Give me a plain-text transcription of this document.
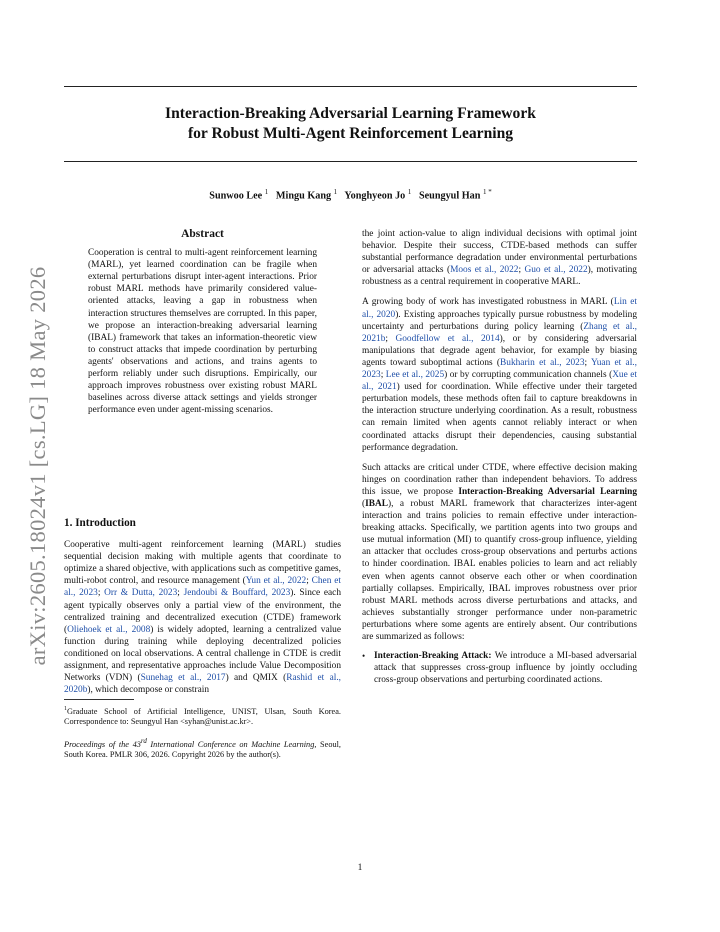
arXiv:2605.18024v1 [cs.LG] 18 May 2026
Interaction-Breaking Adversarial Learning Framework
for Robust Multi-Agent Reinforcement Learning
Sunwoo Lee $^1$ Mingu Kang $^1$ Yonghyeon Jo $^1$ Seungyul Han $^{1 *}$
Abstract

Cooperation is central to multi-agent reinforcement learning (MARL), yet learned coordination can be fragile when external perturbations disrupt inter-agent interactions. Prior robust MARL methods have primarily considered value-oriented attacks, leaving a gap in robustness when interaction structures themselves are corrupted. In this paper, we propose an interaction-breaking adversarial learning (IBAL) framework that takes an information-theoretic view to construct attacks that impede coordination by perturbing agents' observations and actions, and trains agents to perform reliably under such disruptions. Empirically, our approach improves robustness over existing robust MARL baselines across diverse attack settings and yields stronger performance even under agent-missing scenarios.

1. Introduction

Cooperative multi-agent reinforcement learning (MARL) studies sequential decision making with multiple agents that coordinate to optimize a shared objective, with applications such as competitive games, multi-robot control, and resource management (Yun et al., 2022; Chen et al., 2023; Orr & Dutta, 2023; Jendoubi & Bouffard, 2023). Since each agent typically observes only a partial view of the environment, the centralized training and decentralized execution (CTDE) framework (Oliehoek et al., 2008) is widely adopted, learning a centralized value function during training while deploying decentralized policies conditioned on local observations. A central challenge in CTDE is credit assignment, and representative approaches include Value Decomposition Networks (VDN) (Sunehag et al., 2017) and QMIX (Rashid et al., 2020b), which decompose or constrain

$^1$Graduate School of Artificial Intelligence, UNIST, Ulsan, South Korea. Correspondence to: Seungyul Han <syhan@unist.ac.kr>.
Proceedings of the 43rd International Conference on Machine Learning, Seoul, South Korea. PMLR 306, 2026. Copyright 2026 by the author(s).

the joint action-value to align individual decisions with optimal joint behavior. Despite their success, CTDE-based methods can suffer substantial performance degradation under environmental perturbations or adversarial attacks (Moos et al., 2022; Guo et al., 2022), motivating robustness as a central requirement in cooperative MARL.

A growing body of work has investigated robustness in MARL (Lin et al., 2020). Existing approaches typically pursue robustness by modeling uncertainty and perturbations during policy learning (Zhang et al., 2021b; Goodfellow et al., 2014), or by considering adversarial manipulations that degrade agent behavior, for example by biasing agents toward suboptimal actions (Bukharin et al., 2023; Yuan et al., 2023; Lee et al., 2025) or by corrupting communication channels (Xue et al., 2021) used for coordination. While effective under their targeted perturbation models, these methods often fail to capture breakdowns in the interaction structure underlying coordination. As a result, robustness can remain limited when agents cannot reliably interact or when coordinated attacks disrupt their dependencies, causing substantial performance degradation.

Such attacks are critical under CTDE, where effective decision making hinges on coordination rather than independent behaviors. To address this issue, we propose Interaction-Breaking Adversarial Learning (IBAL), a robust MARL framework that characterizes inter-agent interaction and trains policies to remain effective under interaction-breaking attacks. Specifically, we partition agents into two groups and use mutual information (MI) to quantify cross-group influence, yielding an attacker that occludes cross-group observations and perturbs actions to hinder coordination. IBAL enables policies to learn and act reliably even when agents cannot observe each other or when coordination partially collapses. Empirically, IBAL improves robustness over prior robust MARL methods across diverse perturbations and attacks, and achieves substantially stronger performance under non-parametric perturbations where some agents are entirely absent. Our contributions are summarized as follows:

• Interaction-Breaking Attack: We introduce a MI-based adversarial attack that suppresses cross-group influence by jointly occluding cross-group observations and perturbing coordinated actions.
1
